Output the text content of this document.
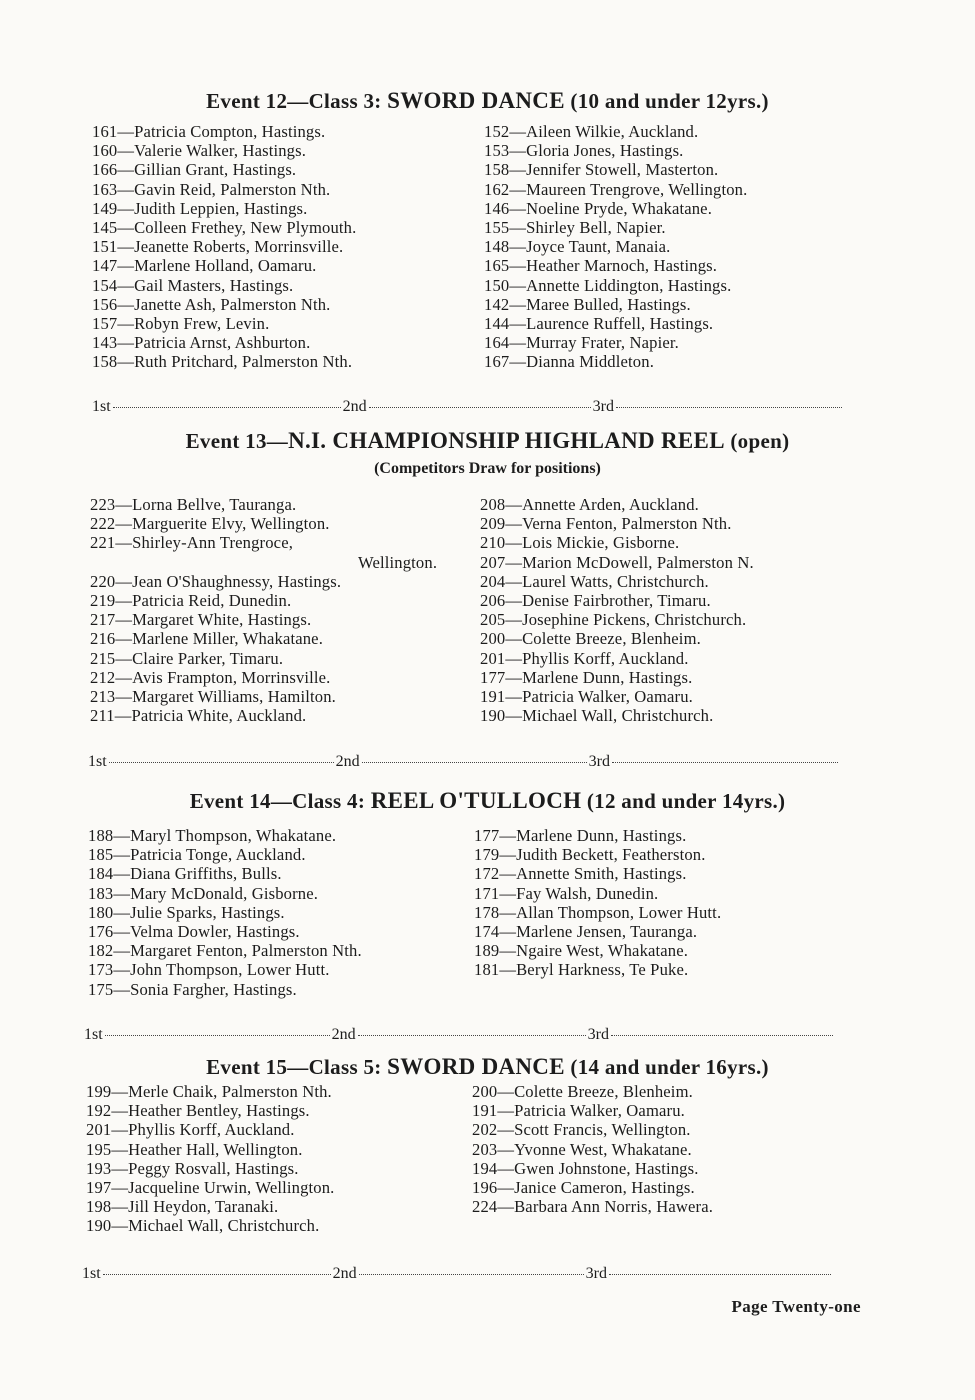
Event 12—Class 3: SWORD DANCE (10 and under 12yrs.)
161—Patricia Compton, Hastings.
160—Valerie Walker, Hastings.
166—Gillian Grant, Hastings.
163—Gavin Reid, Palmerston Nth.
149—Judith Leppien, Hastings.
145—Colleen Frethey, New Plymouth.
151—Jeanette Roberts, Morrinsville.
147—Marlene Holland, Oamaru.
154—Gail Masters, Hastings.
156—Janette Ash, Palmerston Nth.
157—Robyn Frew, Levin.
143—Patricia Arnst, Ashburton.
158—Ruth Pritchard, Palmerston Nth.
152—Aileen Wilkie, Auckland.
153—Gloria Jones, Hastings.
158—Jennifer Stowell, Masterton.
162—Maureen Trengrove, Wellington.
146—Noeline Pryde, Whakatane.
155—Shirley Bell, Napier.
148—Joyce Taunt, Manaia.
165—Heather Marnoch, Hastings.
150—Annette Liddington, Hastings.
142—Maree Bulled, Hastings.
144—Laurence Ruffell, Hastings.
164—Murray Frater, Napier.
167—Dianna Middleton.
1st	2nd	3rd
Event 13—N.I. CHAMPIONSHIP HIGHLAND REEL (open)
(Competitors Draw for positions)
223—Lorna Bellve, Tauranga.
222—Marguerite Elvy, Wellington.
221—Shirley-Ann Trengroce,
Wellington.
220—Jean O'Shaughnessy, Hastings.
219—Patricia Reid, Dunedin.
217—Margaret White, Hastings.
216—Marlene Miller, Whakatane.
215—Claire Parker, Timaru.
212—Avis Frampton, Morrinsville.
213—Margaret Williams, Hamilton.
211—Patricia White, Auckland.
208—Annette Arden, Auckland.
209—Verna Fenton, Palmerston Nth.
210—Lois Mickie, Gisborne.
207—Marion McDowell, Palmerston N.
204—Laurel Watts, Christchurch.
206—Denise Fairbrother, Timaru.
205—Josephine Pickens, Christchurch.
200—Colette Breeze, Blenheim.
201—Phyllis Korff, Auckland.
177—Marlene Dunn, Hastings.
191—Patricia Walker, Oamaru.
190—Michael Wall, Christchurch.
1st	2nd	3rd
Event 14—Class 4: REEL O'TULLOCH (12 and under 14yrs.)
188—Maryl Thompson, Whakatane.
185—Patricia Tonge, Auckland.
184—Diana Griffiths, Bulls.
183—Mary McDonald, Gisborne.
180—Julie Sparks, Hastings.
176—Velma Dowler, Hastings.
182—Margaret Fenton, Palmerston Nth.
173—John Thompson, Lower Hutt.
175—Sonia Fargher, Hastings.
177—Marlene Dunn, Hastings.
179—Judith Beckett, Featherston.
172—Annette Smith, Hastings.
171—Fay Walsh, Dunedin.
178—Allan Thompson, Lower Hutt.
174—Marlene Jensen, Tauranga.
189—Ngaire West, Whakatane.
181—Beryl Harkness, Te Puke.
1st	2nd	3rd
Event 15—Class 5: SWORD DANCE (14 and under 16yrs.)
199—Merle Chaik, Palmerston Nth.
192—Heather Bentley, Hastings.
201—Phyllis Korff, Auckland.
195—Heather Hall, Wellington.
193—Peggy Rosvall, Hastings.
197—Jacqueline Urwin, Wellington.
198—Jill Heydon, Taranaki.
190—Michael Wall, Christchurch.
200—Colette Breeze, Blenheim.
191—Patricia Walker, Oamaru.
202—Scott Francis, Wellington.
203—Yvonne West, Whakatane.
194—Gwen Johnstone, Hastings.
196—Janice Cameron, Hastings.
224—Barbara Ann Norris, Hawera.
1st	2nd	3rd
Page Twenty-one
